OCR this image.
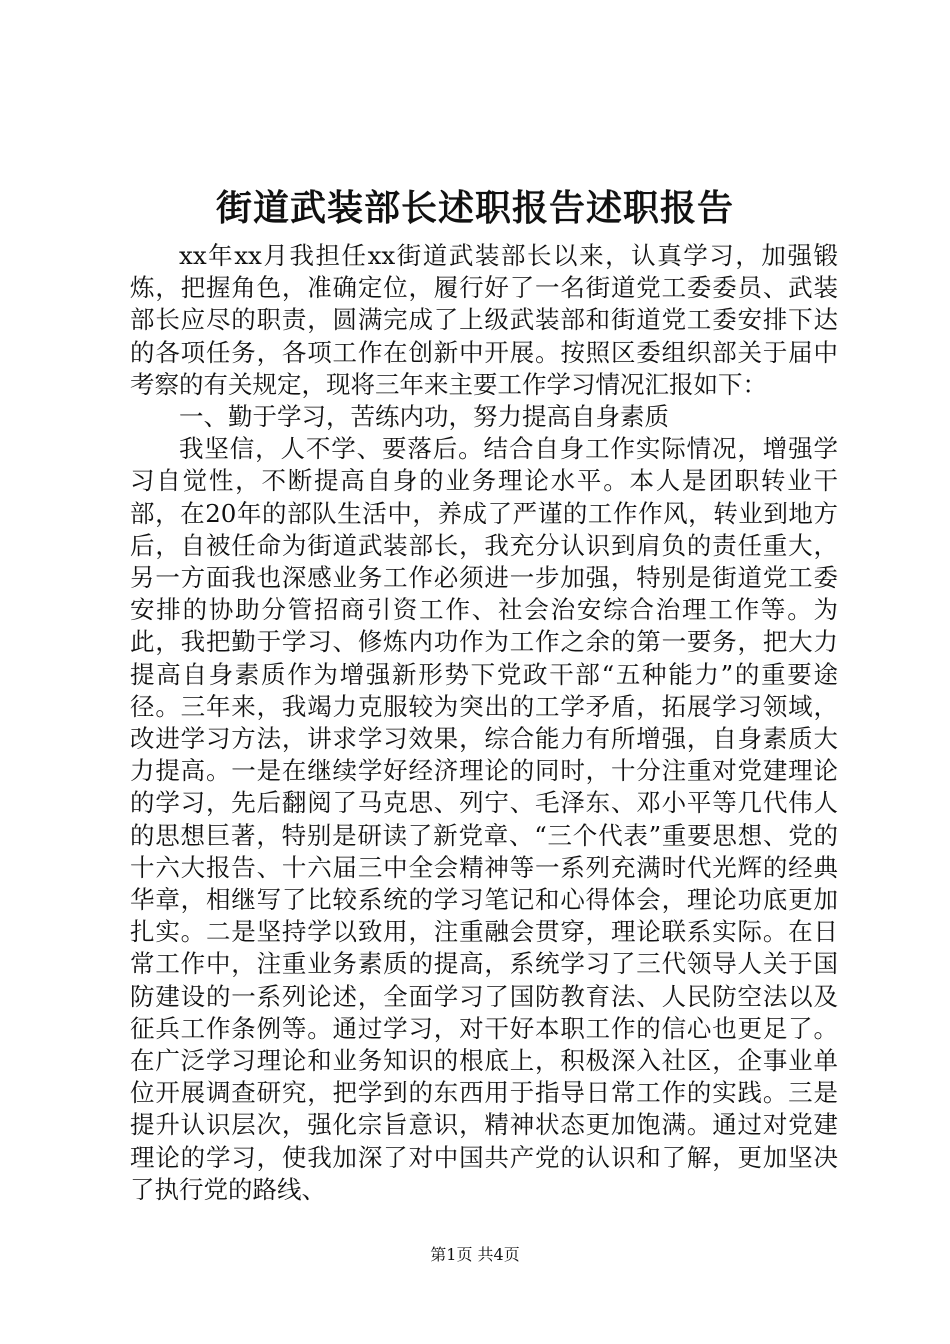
街道武装部长述职报告述职报告

xx年xx月我担任xx街道武装部长以来，认真学习，加强锻炼，把握角色，准确定位，履行好了一名街道党工委委员、武装部长应尽的职责，圆满完成了上级武装部和街道党工委安排下达的各项任务，各项工作在创新中开展。按照区委组织部关于届中考察的有关规定，现将三年来主要工作学习情况汇报如下：

一、勤于学习，苦练内功，努力提高自身素质

我坚信，人不学、要落后。结合自身工作实际情况，增强学习自觉性，不断提高自身的业务理论水平。本人是团职转业干部，在20年的部队生活中，养成了严谨的工作作风，转业到地方后，自被任命为街道武装部长，我充分认识到肩负的责任重大，另一方面我也深感业务工作必须进一步加强，特别是街道党工委安排的协助分管招商引资工作、社会治安综合治理工作等。为此，我把勤于学习、修炼内功作为工作之余的第一要务，把大力提高自身素质作为增强新形势下党政干部“五种能力”的重要途径。三年来，我竭力克服较为突出的工学矛盾，拓展学习领域，改进学习方法，讲求学习效果，综合能力有所增强，自身素质大力提高。一是在继续学好经济理论的同时，十分注重对党建理论的学习，先后翻阅了马克思、列宁、毛泽东、邓小平等几代伟人的思想巨著，特别是研读了新党章、“三个代表”重要思想、党的十六大报告、十六届三中全会精神等一系列充满时代光辉的经典华章，相继写了比较系统的学习笔记和心得体会，理论功底更加扎实。二是坚持学以致用，注重融会贯穿，理论联系实际。在日常工作中，注重业务素质的提高，系统学习了三代领导人关于国防建设的一系列论述，全面学习了国防教育法、人民防空法以及征兵工作条例等。通过学习，对干好本职工作的信心也更足了。在广泛学习理论和业务知识的根底上，积极深入社区，企事业单位开展调查研究，把学到的东西用于指导日常工作的实践。三是提升认识层次，强化宗旨意识，精神状态更加饱满。通过对党建理论的学习，使我加深了对中国共产党的认识和了解，更加坚决了执行党的路线、

第1页 共4页
